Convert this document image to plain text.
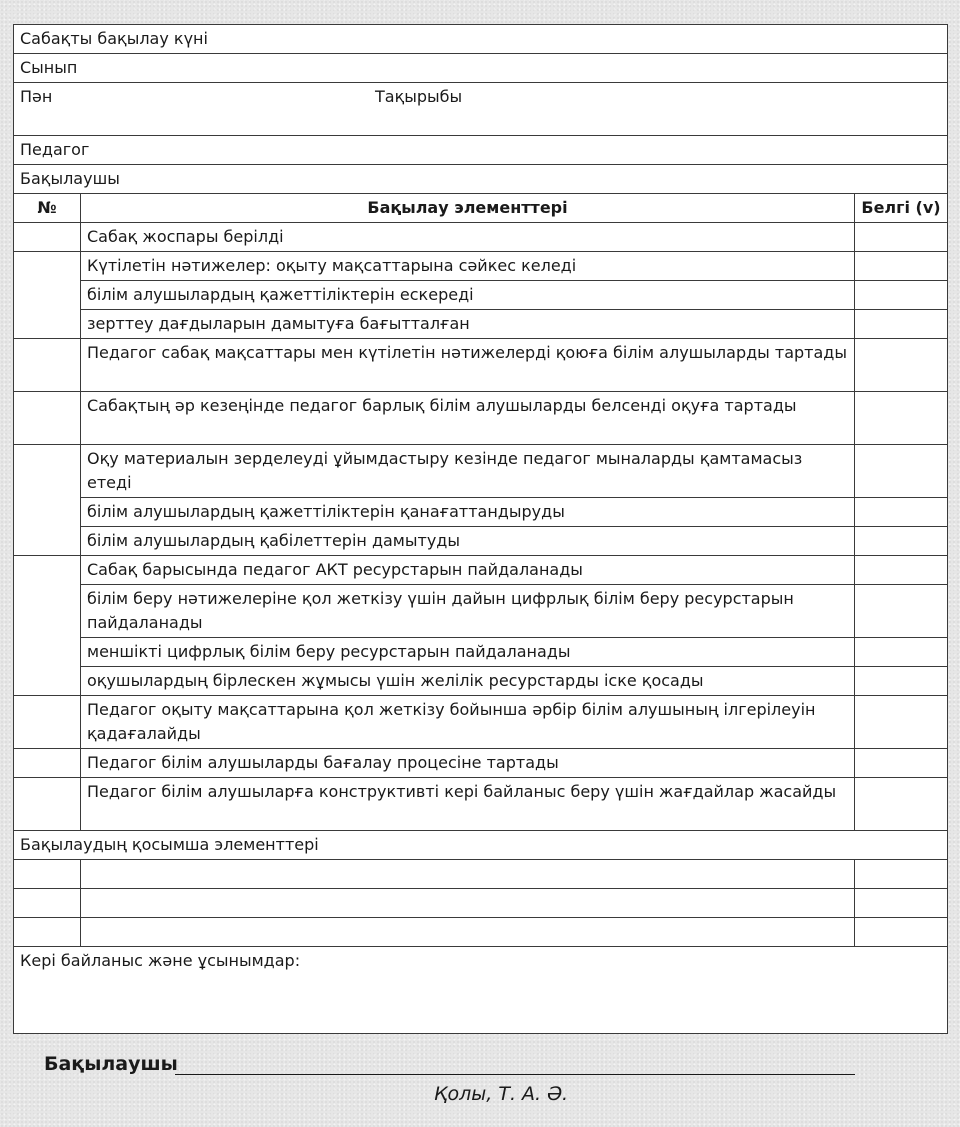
Сабақты бақылау күні		
Сынып		
Пән Тақырыбы		
Педагог		
Бақылаушы		
№	Бақылау элементтері	Белгі (v)
	Сабақ жоспары берілді	
	Күтілетін нәтижелер: оқыту мақсаттарына сәйкес келеді	
	білім алушылардың қажеттіліктерін ескереді	
	зерттеу дағдыларын дамытуға бағытталған	
	Педагог сабақ мақсаттары мен күтілетін нәтижелерді қоюға білім алушыларды тартады	
	Сабақтың әр кезеңінде педагог барлық білім алушыларды белсенді оқуға тартады	
	Оқу материалын зерделеуді ұйымдастыру кезінде педагог мыналарды қамтамасыз етеді	
	білім алушылардың қажеттіліктерін қанағаттандыруды	
	білім алушылардың қабілеттерін дамытуды	
	Сабақ барысында педагог АКТ ресурстарын пайдаланады	
	білім беру нәтижелеріне қол жеткізу үшін дайын цифрлық білім беру ресурстарын пайдаланады	
	меншікті цифрлық білім беру ресурстарын пайдаланады	
	оқушылардың бірлескен жұмысы үшін желілік ресурстарды іске қосады	
	Педагог оқыту мақсаттарына қол жеткізу бойынша әрбір білім алушының ілгерілеуін қадағалайды	
	Педагог білім алушыларды бағалау процесіне тартады	
	Педагог білім алушыларға конструктивті кері байланыс беру үшін жағдайлар жасайды	
Бақылаудың қосымша элементтері		

Кері байланыс және ұсынымдар:		
Бақылаушы
Қолы, Т. А. Ә.
